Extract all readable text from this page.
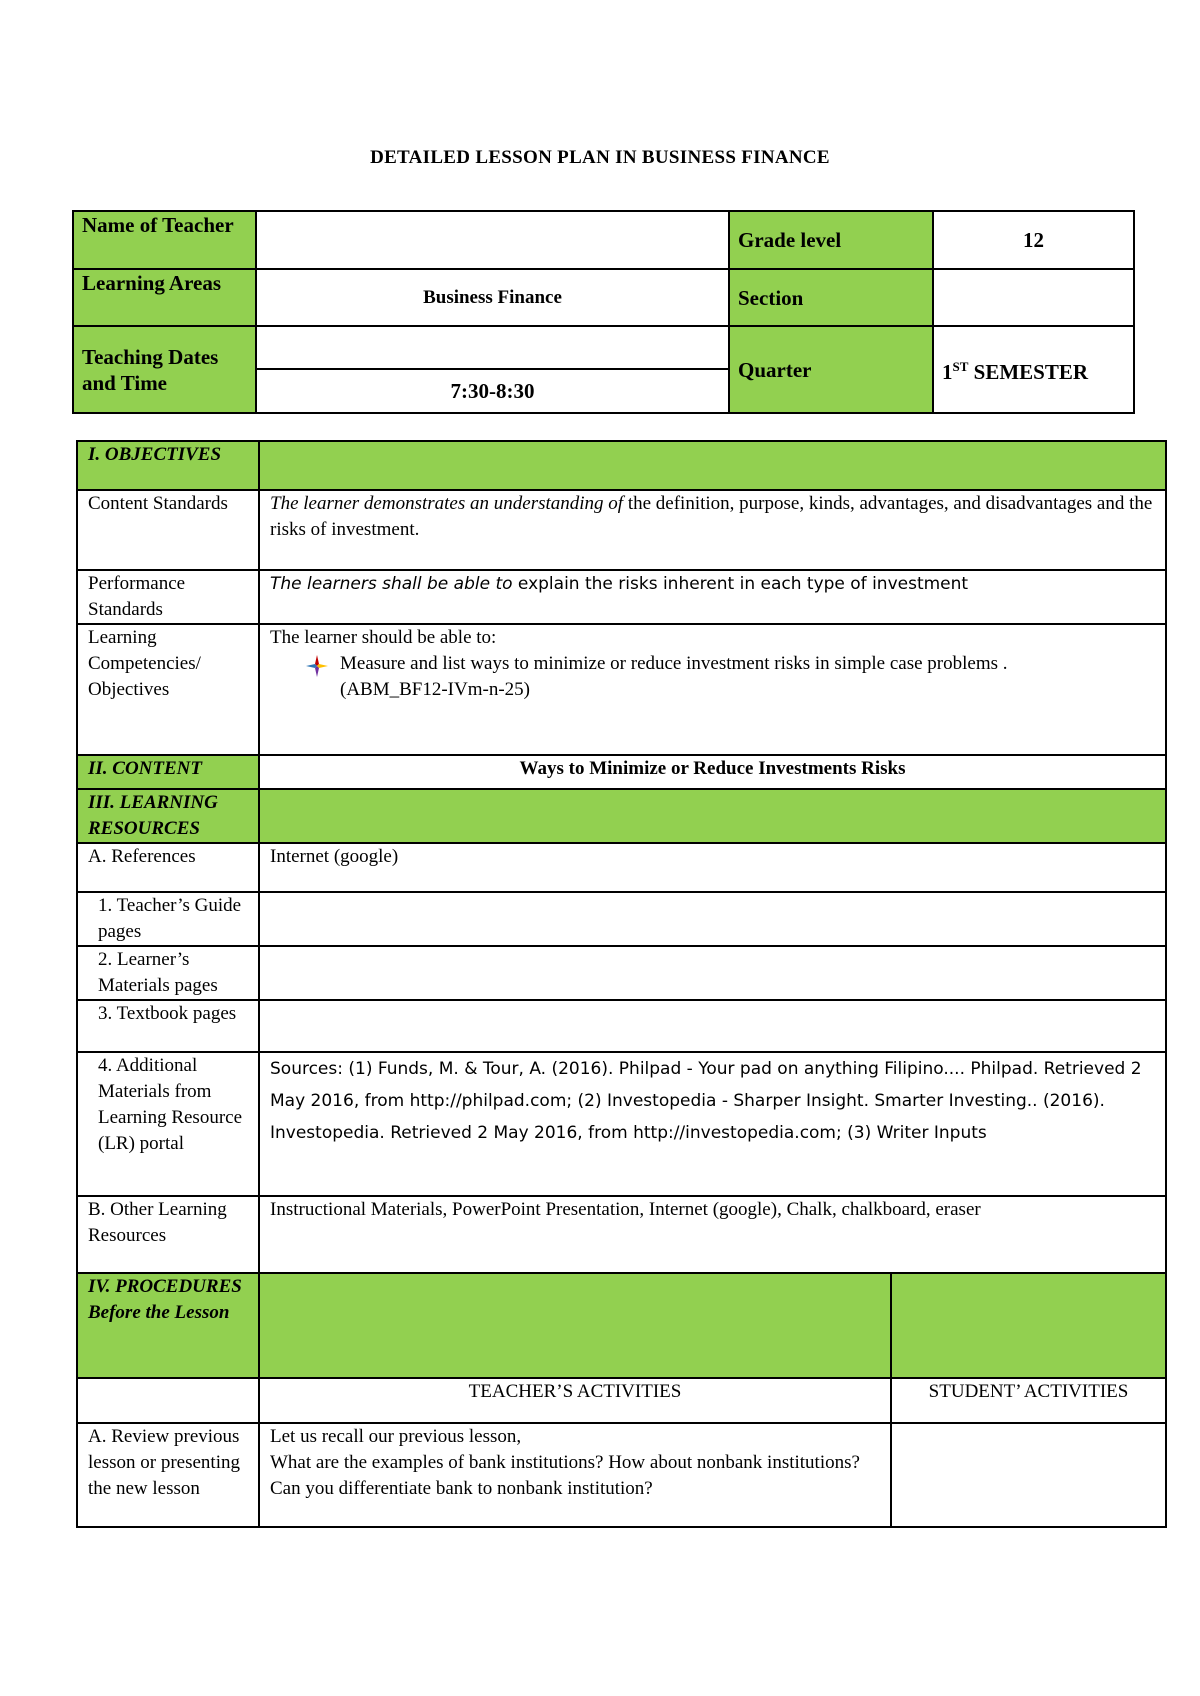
DETAILED LESSON PLAN IN BUSINESS FINANCE
Name of Teacher		Grade level	12
Learning Areas	Business Finance	Section	
Teaching Dates and Time		Quarter	1ST SEMESTER
	7:30-8:30		
I. OBJECTIVES		
Content Standards	The learner demonstrates an understanding of the definition, purpose, kinds, advantages, and disadvantages and the risks of investment.	
Performance Standards	The learners shall be able to explain the risks inherent in each type of investment	
Learning Competencies/ Objectives	The learner should be able to:
Measure and list ways to minimize or reduce investment risks in simple case problems .
(ABM_BF12-IVm-n-25)	

II. CONTENT	Ways to Minimize or Reduce Investments Risks	
III. LEARNING RESOURCES		
A. References	Internet (google)	
1. Teacher’s Guide pages		
2. Learner’s Materials pages		
3. Textbook pages		
4. Additional Materials from Learning Resource (LR) portal	Sources: (1) Funds, M. & Tour, A. (2016). Philpad - Your pad on anything Filipino.... Philpad. Retrieved 2 May 2016, from http://philpad.com; (2) Investopedia - Sharper Insight. Smarter Investing.. (2016). Investopedia. Retrieved 2 May 2016, from http://investopedia.com; (3) Writer Inputs	
B. Other Learning Resources	Instructional Materials, PowerPoint Presentation, Internet (google), Chalk, chalkboard, eraser	

IV. PROCEDURES
Before the Lesson		

	TEACHER’S ACTIVITIES	STUDENT’ ACTIVITIES
A. Review previous lesson or presenting the new lesson	Let us recall our previous lesson,
What are the examples of bank institutions? How about nonbank institutions?
Can you differentiate bank to nonbank institution?	
